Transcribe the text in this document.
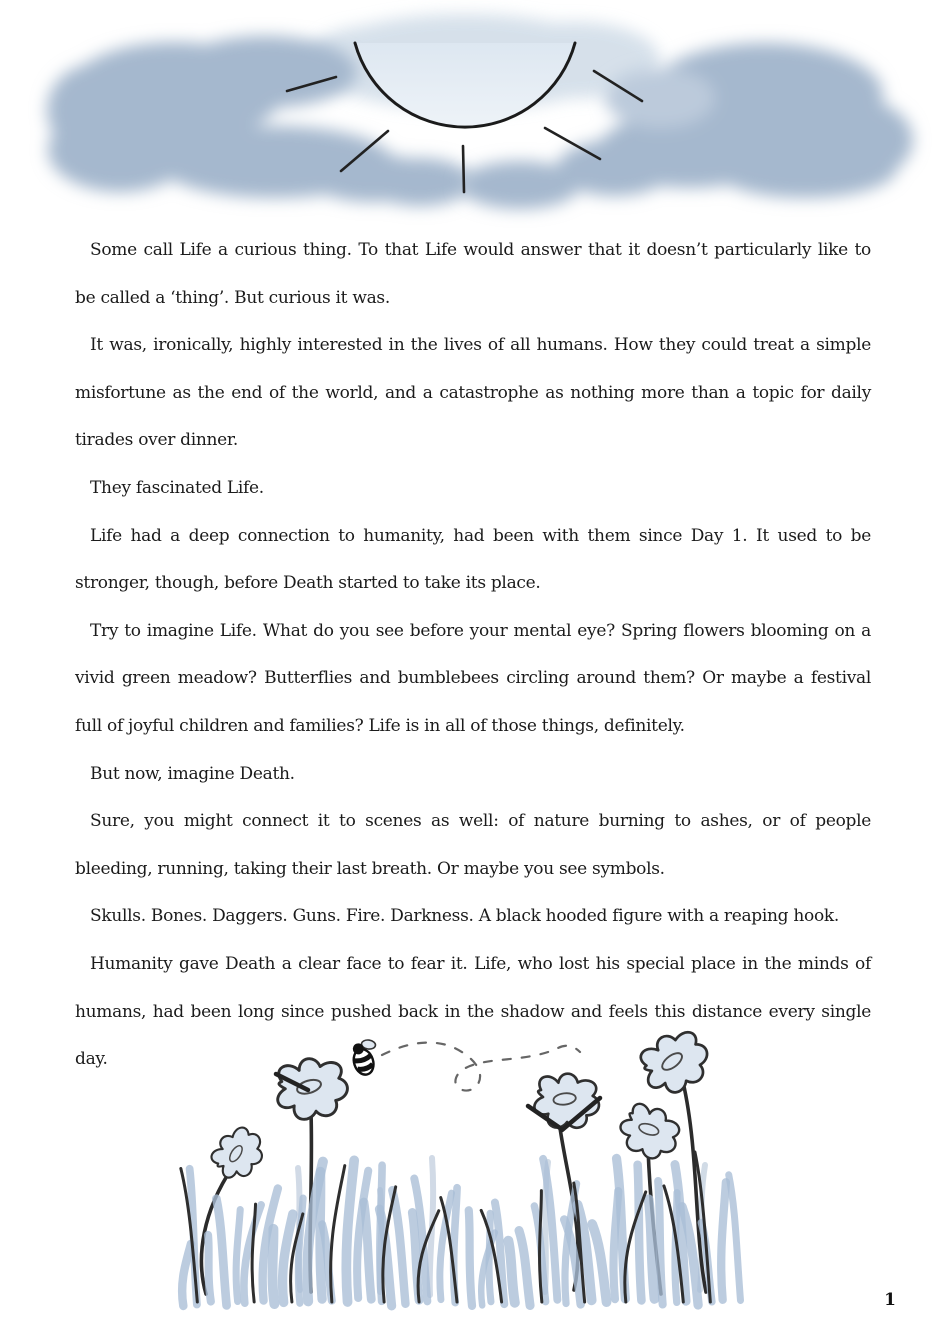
Some call Life a curious thing. To that Life would answer that it doesn’t particularly like to be called a ‘thing’. But curious it was.

It was, ironically, highly interested in the lives of all humans. How they could treat a simple misfortune as the end of the world, and a catastrophe as nothing more than a topic for daily tirades over dinner.

They fascinated Life.

Life had a deep connection to humanity, had been with them since Day 1. It used to be stronger, though, before Death started to take its place.

Try to imagine Life. What do you see before your mental eye? Spring flowers blooming on a vivid green meadow? Butterflies and bumblebees circling around them? Or maybe a festival full of joyful children and families? Life is in all of those things, definitely.

But now, imagine Death.

Sure, you might connect it to scenes as well: of nature burning to ashes, or of people bleeding, running, taking their last breath. Or maybe you see symbols.

Skulls. Bones. Daggers. Guns. Fire. Darkness. A black hooded figure with a reaping hook.

Humanity gave Death a clear face to fear it. Life, who lost his special place in the minds of humans, had been long since pushed back in the shadow and feels this distance every single day.

1
